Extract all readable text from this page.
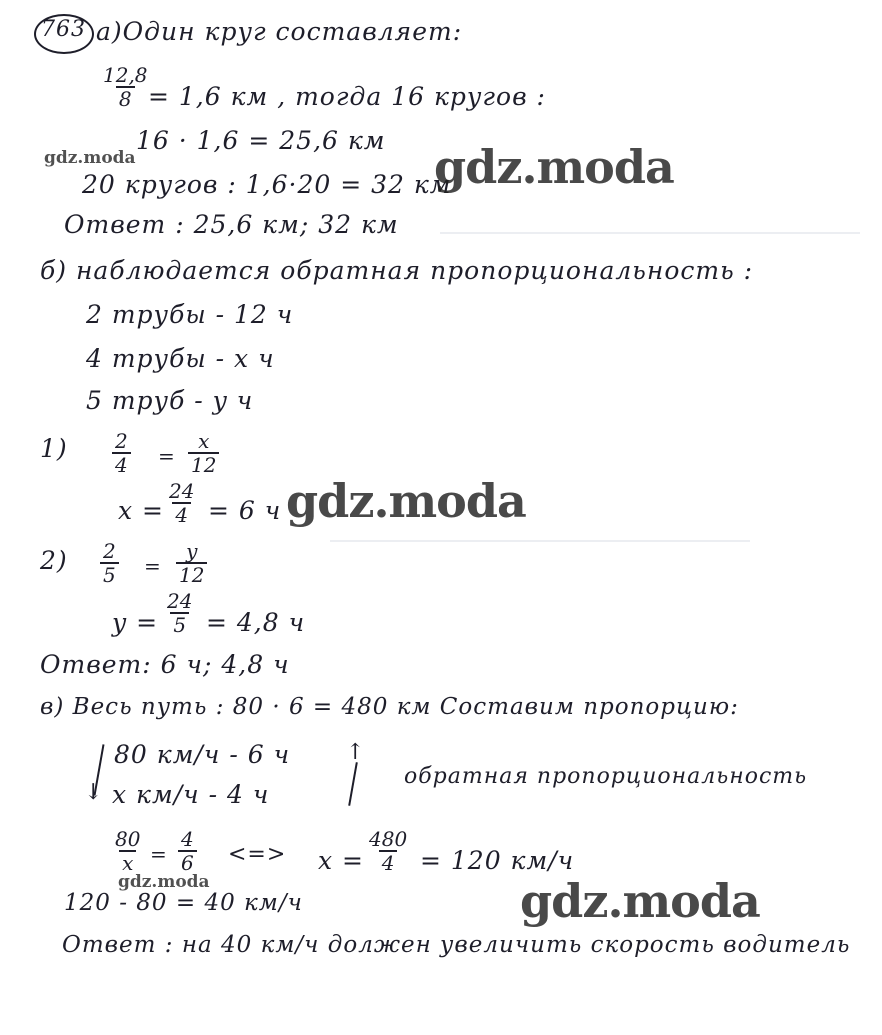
763 а)Один круг составляет:
$\frac{12,8}{8}$
= 1,6 км , тогда 16 кругов :
16 · 1,6 = 25,6 км
20 кругов : 1,6·20 = 32 км
Ответ : 25,6 км; 32 км
б) наблюдается обратная пропорциональность :
2 трубы - 12 ч
4 трубы - x ч
5 труб - y ч
$1) \frac{2}{4} = \frac{x}{12}$
$x = \frac{24}{4} = 6$ ч
$2) \frac{2}{5} = \frac{y}{12}$
$y = \frac{24}{5} = 4,8$ ч
Ответ: 6 ч; 4,8 ч
в) Весь путь : 80 · 6 = 480 км Составим пропорцию:
↓
80 км/ч - 6 ч
x км/ч - 4 ч
↑
обратная пропорциональность
$\frac{80}{x} = \frac{4}{6}$ <=> $x = \frac{480}{4} = 120$ км/ч
120 - 80 = 40 км/ч
Ответ : на 40 км/ч должен увеличить скорость водитель
gdz.moda	gdz.moda
gdz.moda
gdz.moda	gdz.moda
